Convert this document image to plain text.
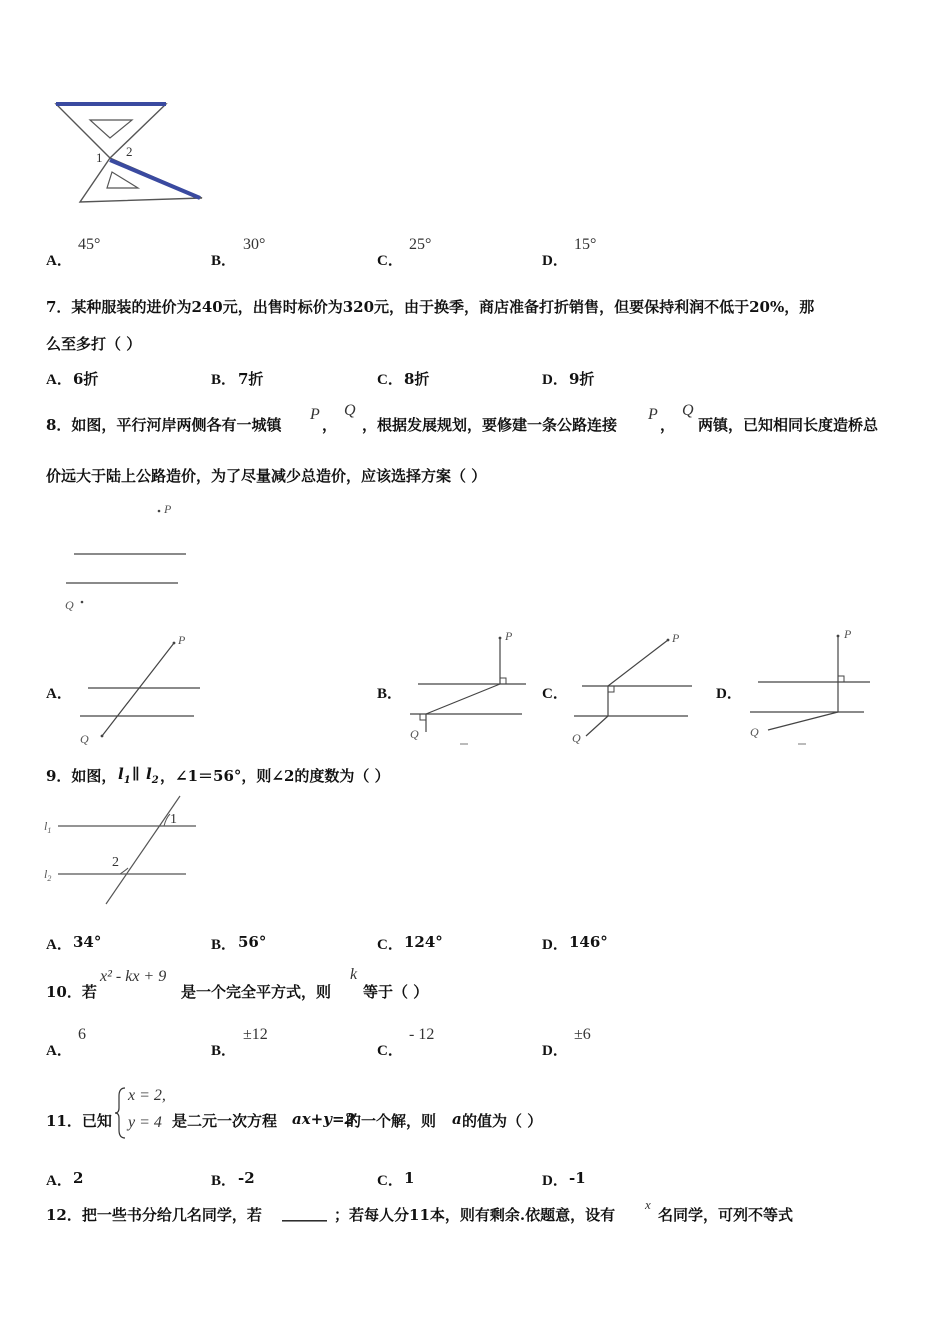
1 2
A．
45°
B．
30°
C．
25°
D．
15°
7．某种服装的进价为240元，出售时标价为320元，由于换季，商店准备打折销售，但要保持利润不低于20%，那
么至多打（ ）
A． 6折	B． 7折	C． 8折	D． 9折
8．如图，平行河岸两侧各有一城镇
P
，
Q
，根据发展规划，要修建一条公路连接
P
，
Q
两镇，已知相同长度造桥总
价远大于陆上公路造价，为了尽量减少总造价，应该选择方案（ ）
P
Q
A．
P
Q
B．
P
Q
C．
P
Q
D．
P
Q
9．如图， $l_1$ ∥ $l_2$ ，∠1＝56°，则∠2的度数为（ ）
$l_1$
$l_2$
1
2
A． 34°	B． 56°	C． 124°	D． 146°
10．若
x² - kx + 9
是一个完全平方式，则
k
等于（ ）
A．
6
B．
±12
C．
- 12
D．
±6
11．已知
x = 2,
y = 4 是二元一次方程 ax+y=2
的一个解，则 a 的值为（ ）
A． 2	B． -2	C． 1	D． -1
12．把一些书分给几名同学，若 ______ ；若每人分11本，则有剩余.依题意，设有
x
名同学，可列不等式
